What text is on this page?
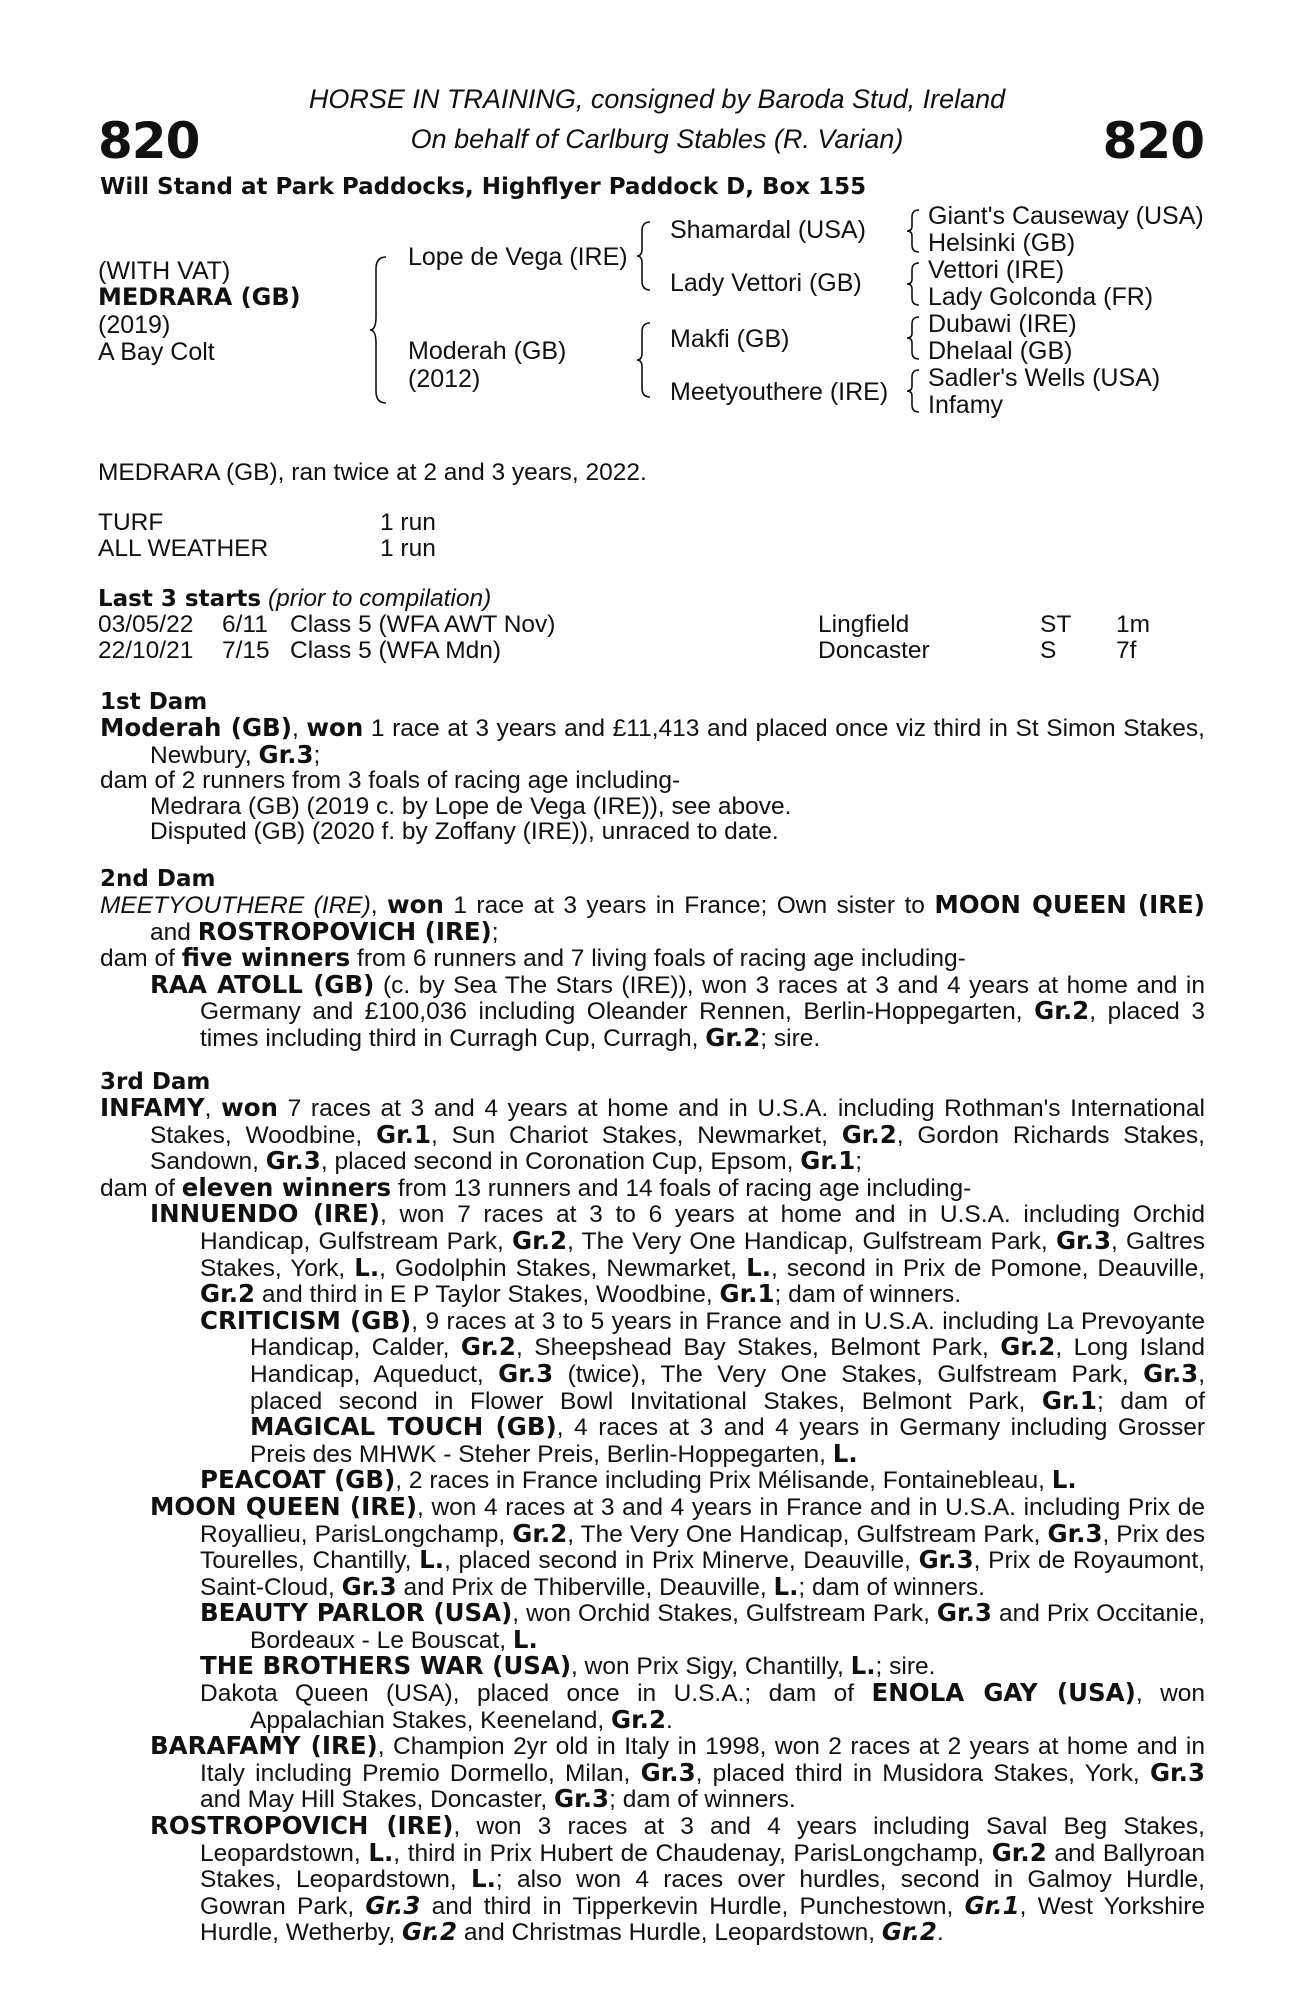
820	820
HORSE IN TRAINING, consigned by Baroda Stud, Ireland
On behalf of Carlburg Stables (R. Varian)
Will Stand at Park Paddocks, Highflyer Paddock D, Box 155
(WITH VAT)
MEDRARA (GB)
(2019)
A Bay Colt
Lope de Vega (IRE)
Moderah (GB)
(2012)
Shamardal (USA)
Lady Vettori (GB)
Makfi (GB)
Meetyouthere (IRE)
Giant's Causeway (USA)
Helsinki (GB)
Vettori (IRE)
Lady Golconda (FR)
Dubawi (IRE)
Dhelaal (GB)
Sadler's Wells (USA)
Infamy
MEDRARA (GB), ran twice at 2 and 3 years, 2022.
TURF	1 run
ALL WEATHER	1 run
Last 3 starts (prior to compilation)
03/05/22 6/11 Class 5 (WFA AWT Nov)	Lingfield	ST 1m
22/10/21 7/15 Class 5 (WFA Mdn)	Doncaster	S 7f

1st Dam

Moderah (GB), won 1 race at 3 years and £11,413 and placed once viz third in St Simon Stakes, Newbury, Gr.3;

dam of 2 runners from 3 foals of racing age including-

Medrara (GB) (2019 c. by Lope de Vega (IRE)), see above.

Disputed (GB) (2020 f. by Zoffany (IRE)), unraced to date.

2nd Dam

MEETYOUTHERE (IRE), won 1 race at 3 years in France; Own sister to MOON QUEEN (IRE) and ROSTROPOVICH (IRE);

dam of five winners from 6 runners and 7 living foals of racing age including-

RAA ATOLL (GB) (c. by Sea The Stars (IRE)), won 3 races at 3 and 4 years at home and in Germany and £100,036 including Oleander Rennen, Berlin-Hoppegarten, Gr.2, placed 3 times including third in Curragh Cup, Curragh, Gr.2; sire.

3rd Dam

INFAMY, won 7 races at 3 and 4 years at home and in U.S.A. including Rothman's International Stakes, Woodbine, Gr.1, Sun Chariot Stakes, Newmarket, Gr.2, Gordon Richards Stakes, Sandown, Gr.3, placed second in Coronation Cup, Epsom, Gr.1;

dam of eleven winners from 13 runners and 14 foals of racing age including-

INNUENDO (IRE), won 7 races at 3 to 6 years at home and in U.S.A. including Orchid Handicap, Gulfstream Park, Gr.2, The Very One Handicap, Gulfstream Park, Gr.3, Galtres Stakes, York, L., Godolphin Stakes, Newmarket, L., second in Prix de Pomone, Deauville, Gr.2 and third in E P Taylor Stakes, Woodbine, Gr.1; dam of winners.

CRITICISM (GB), 9 races at 3 to 5 years in France and in U.S.A. including La Prevoyante Handicap, Calder, Gr.2, Sheepshead Bay Stakes, Belmont Park, Gr.2, Long Island Handicap, Aqueduct, Gr.3 (twice), The Very One Stakes, Gulfstream Park, Gr.3, placed second in Flower Bowl Invitational Stakes, Belmont Park, Gr.1; dam of MAGICAL TOUCH (GB), 4 races at 3 and 4 years in Germany including Grosser Preis des MHWK - Steher Preis, Berlin-Hoppegarten, L.

PEACOAT (GB), 2 races in France including Prix Mélisande, Fontainebleau, L.

MOON QUEEN (IRE), won 4 races at 3 and 4 years in France and in U.S.A. including Prix de Royallieu, ParisLongchamp, Gr.2, The Very One Handicap, Gulfstream Park, Gr.3, Prix des Tourelles, Chantilly, L., placed second in Prix Minerve, Deauville, Gr.3, Prix de Royaumont, Saint-Cloud, Gr.3 and Prix de Thiberville, Deauville, L.; dam of winners.

BEAUTY PARLOR (USA), won Orchid Stakes, Gulfstream Park, Gr.3 and Prix Occitanie, Bordeaux - Le Bouscat, L.

THE BROTHERS WAR (USA), won Prix Sigy, Chantilly, L.; sire.

Dakota Queen (USA), placed once in U.S.A.; dam of ENOLA GAY (USA), won Appalachian Stakes, Keeneland, Gr.2.

BARAFAMY (IRE), Champion 2yr old in Italy in 1998, won 2 races at 2 years at home and in Italy including Premio Dormello, Milan, Gr.3, placed third in Musidora Stakes, York, Gr.3 and May Hill Stakes, Doncaster, Gr.3; dam of winners.

ROSTROPOVICH (IRE), won 3 races at 3 and 4 years including Saval Beg Stakes, Leopardstown, L., third in Prix Hubert de Chaudenay, ParisLongchamp, Gr.2 and Ballyroan Stakes, Leopardstown, L.; also won 4 races over hurdles, second in Galmoy Hurdle, Gowran Park, Gr.3 and third in Tipperkevin Hurdle, Punchestown, Gr.1, West Yorkshire Hurdle, Wetherby, Gr.2 and Christmas Hurdle, Leopardstown, Gr.2.
